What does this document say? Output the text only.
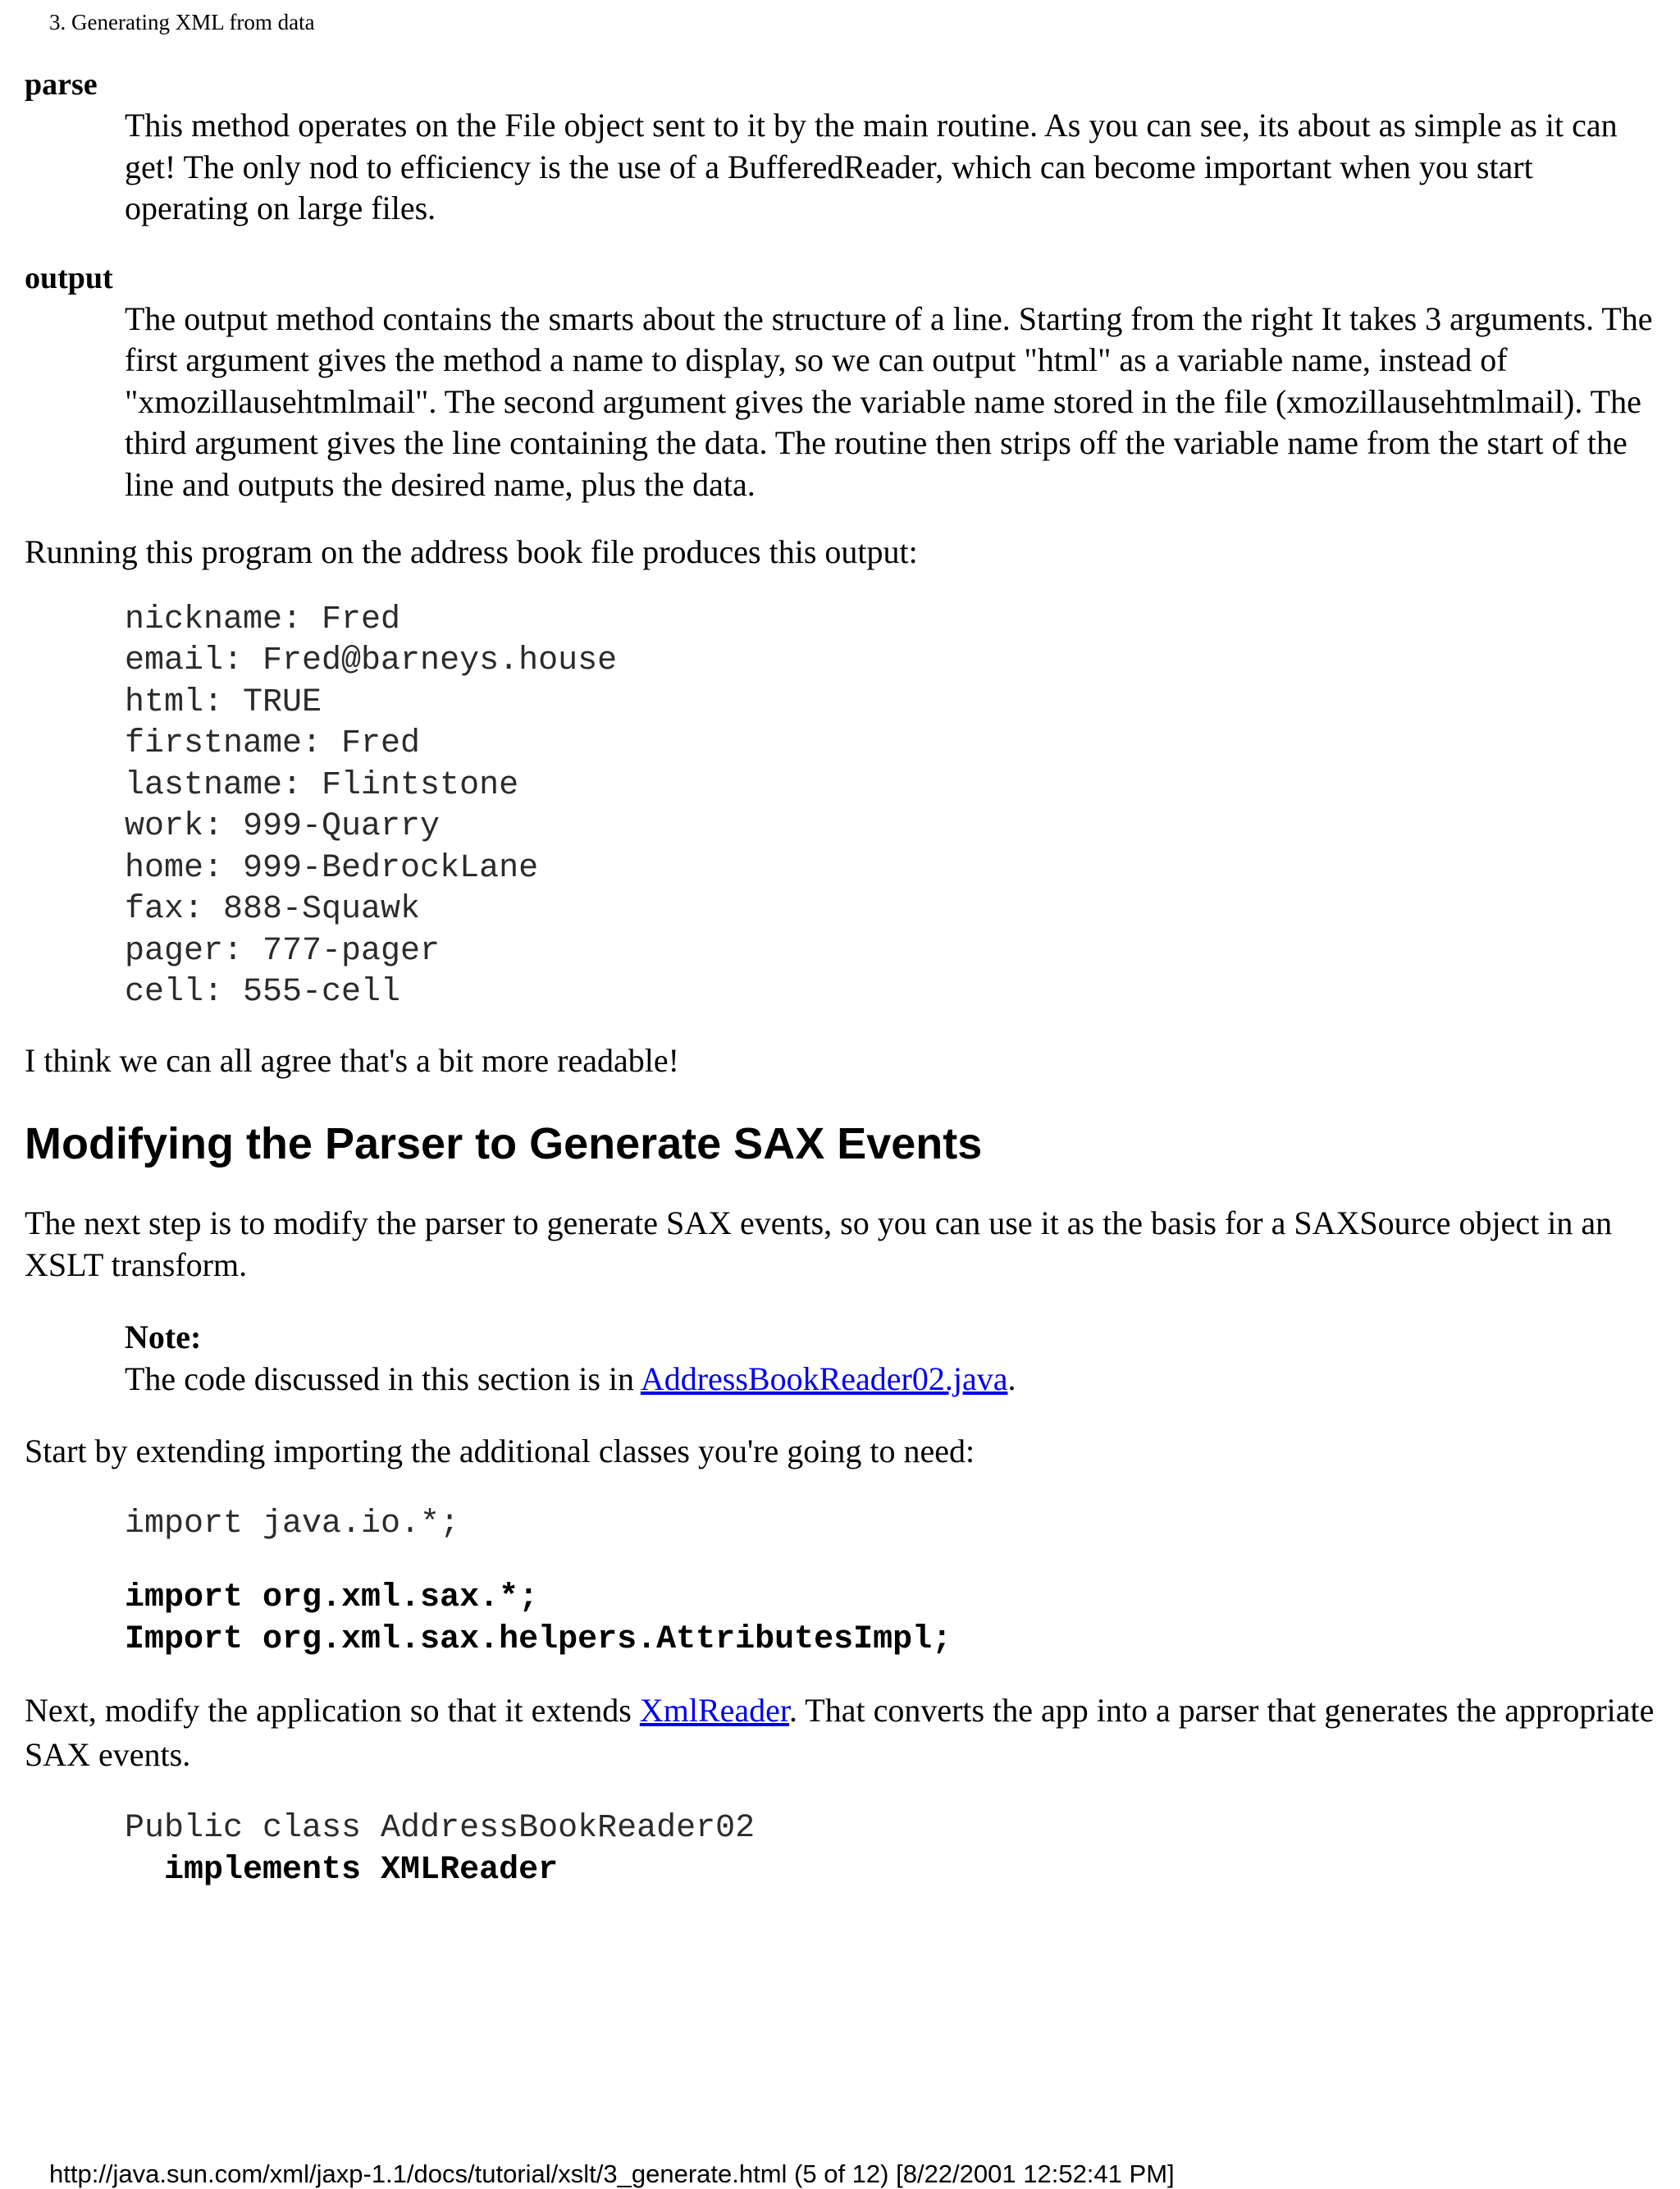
3. Generating XML from data
parse
This method operates on the File object sent to it by the main routine. As you can see, its about as simple as it can get! The only nod to efficiency is the use of a BufferedReader, which can become important when you start operating on large files.
output
The output method contains the smarts about the structure of a line. Starting from the right It takes 3 arguments. The first argument gives the method a name to display, so we can output "html" as a variable name, instead of "xmozillausehtmlmail". The second argument gives the variable name stored in the file (xmozillausehtmlmail). The third argument gives the line containing the data. The routine then strips off the variable name from the start of the line and outputs the desired name, plus the data.

Running this program on the address book file produces this output:

nickname: Fred
email: Fred@barneys.house
html: TRUE
firstname: Fred
lastname: Flintstone
work: 999-Quarry
home: 999-BedrockLane
fax: 888-Squawk
pager: 777-pager
cell: 555-cell

I think we can all agree that's a bit more readable!

Modifying the Parser to Generate SAX Events

The next step is to modify the parser to generate SAX events, so you can use it as the basis for a SAXSource object in an XSLT transform.

Note:
The code discussed in this section is in AddressBookReader02.java.

Start by extending importing the additional classes you're going to need:

import java.io.*;
import org.xml.sax.*;
Import org.xml.sax.helpers.AttributesImpl;

Next, modify the application so that it extends XmlReader. That converts the app into a parser that generates the appropriate SAX events.

Public class AddressBookReader02
implements XMLReader
http://java.sun.com/xml/jaxp-1.1/docs/tutorial/xslt/3_generate.html (5 of 12) [8/22/2001 12:52:41 PM]
